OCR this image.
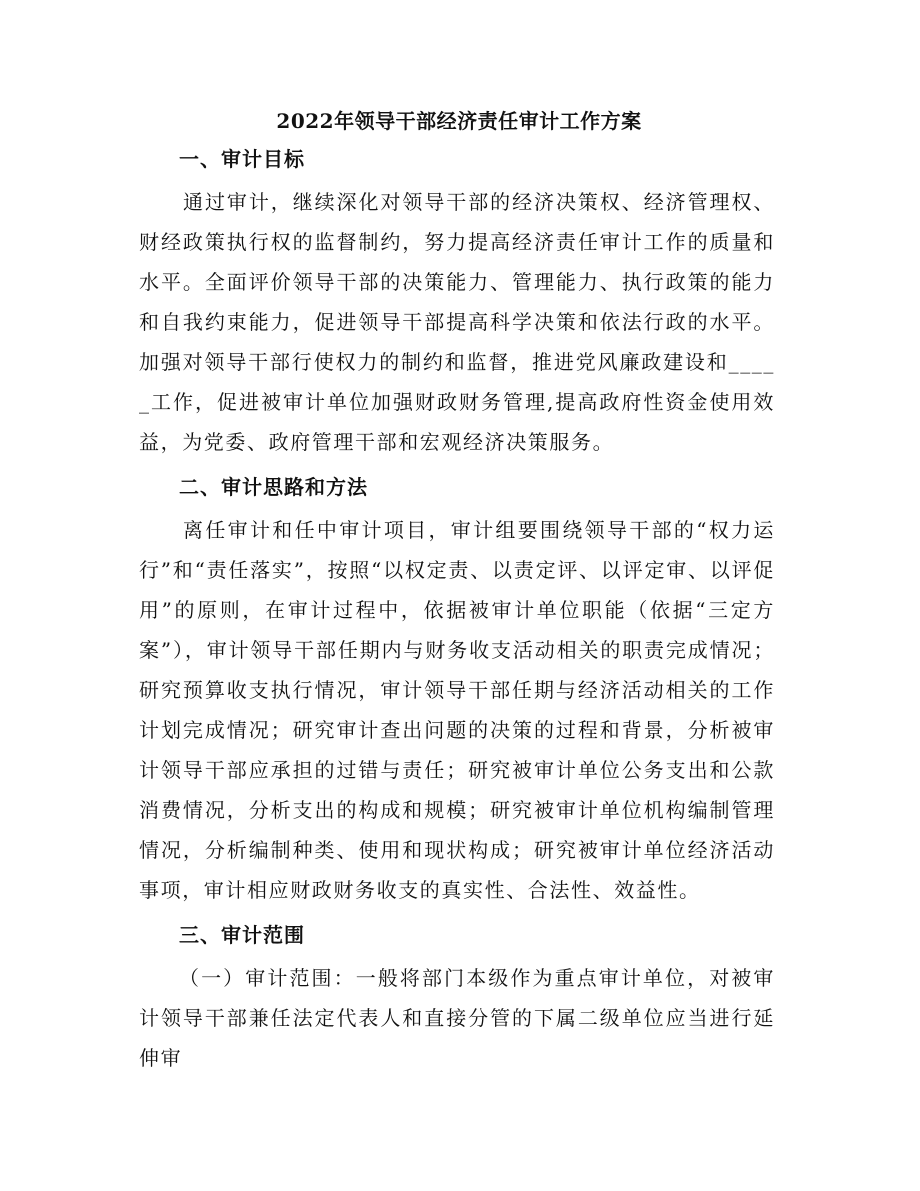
2022年领导干部经济责任审计工作方案
一、审计目标

通过审计，继续深化对领导干部的经济决策权、经济管理权、财经政策执行权的监督制约，努力提高经济责任审计工作的质量和水平。全面评价领导干部的决策能力、管理能力、执行政策的能力和自我约束能力，促进领导干部提高科学决策和依法行政的水平。加强对领导干部行使权力的制约和监督，推进党风廉政建设和_____工作，促进被审计单位加强财政财务管理,提高政府性资金使用效益，为党委、政府管理干部和宏观经济决策服务。

二、审计思路和方法

离任审计和任中审计项目，审计组要围绕领导干部的“权力运行”和“责任落实”，按照“以权定责、以责定评、以评定审、以评促用”的原则，在审计过程中，依据被审计单位职能（依据“三定方案”），审计领导干部任期内与财务收支活动相关的职责完成情况；研究预算收支执行情况，审计领导干部任期与经济活动相关的工作计划完成情况；研究审计查出问题的决策的过程和背景，分析被审计领导干部应承担的过错与责任；研究被审计单位公务支出和公款消费情况，分析支出的构成和规模；研究被审计单位机构编制管理情况，分析编制种类、使用和现状构成；研究被审计单位经济活动事项，审计相应财政财务收支的真实性、合法性、效益性。

三、审计范围

（一）审计范围：一般将部门本级作为重点审计单位，对被审计领导干部兼任法定代表人和直接分管的下属二级单位应当进行延伸审
